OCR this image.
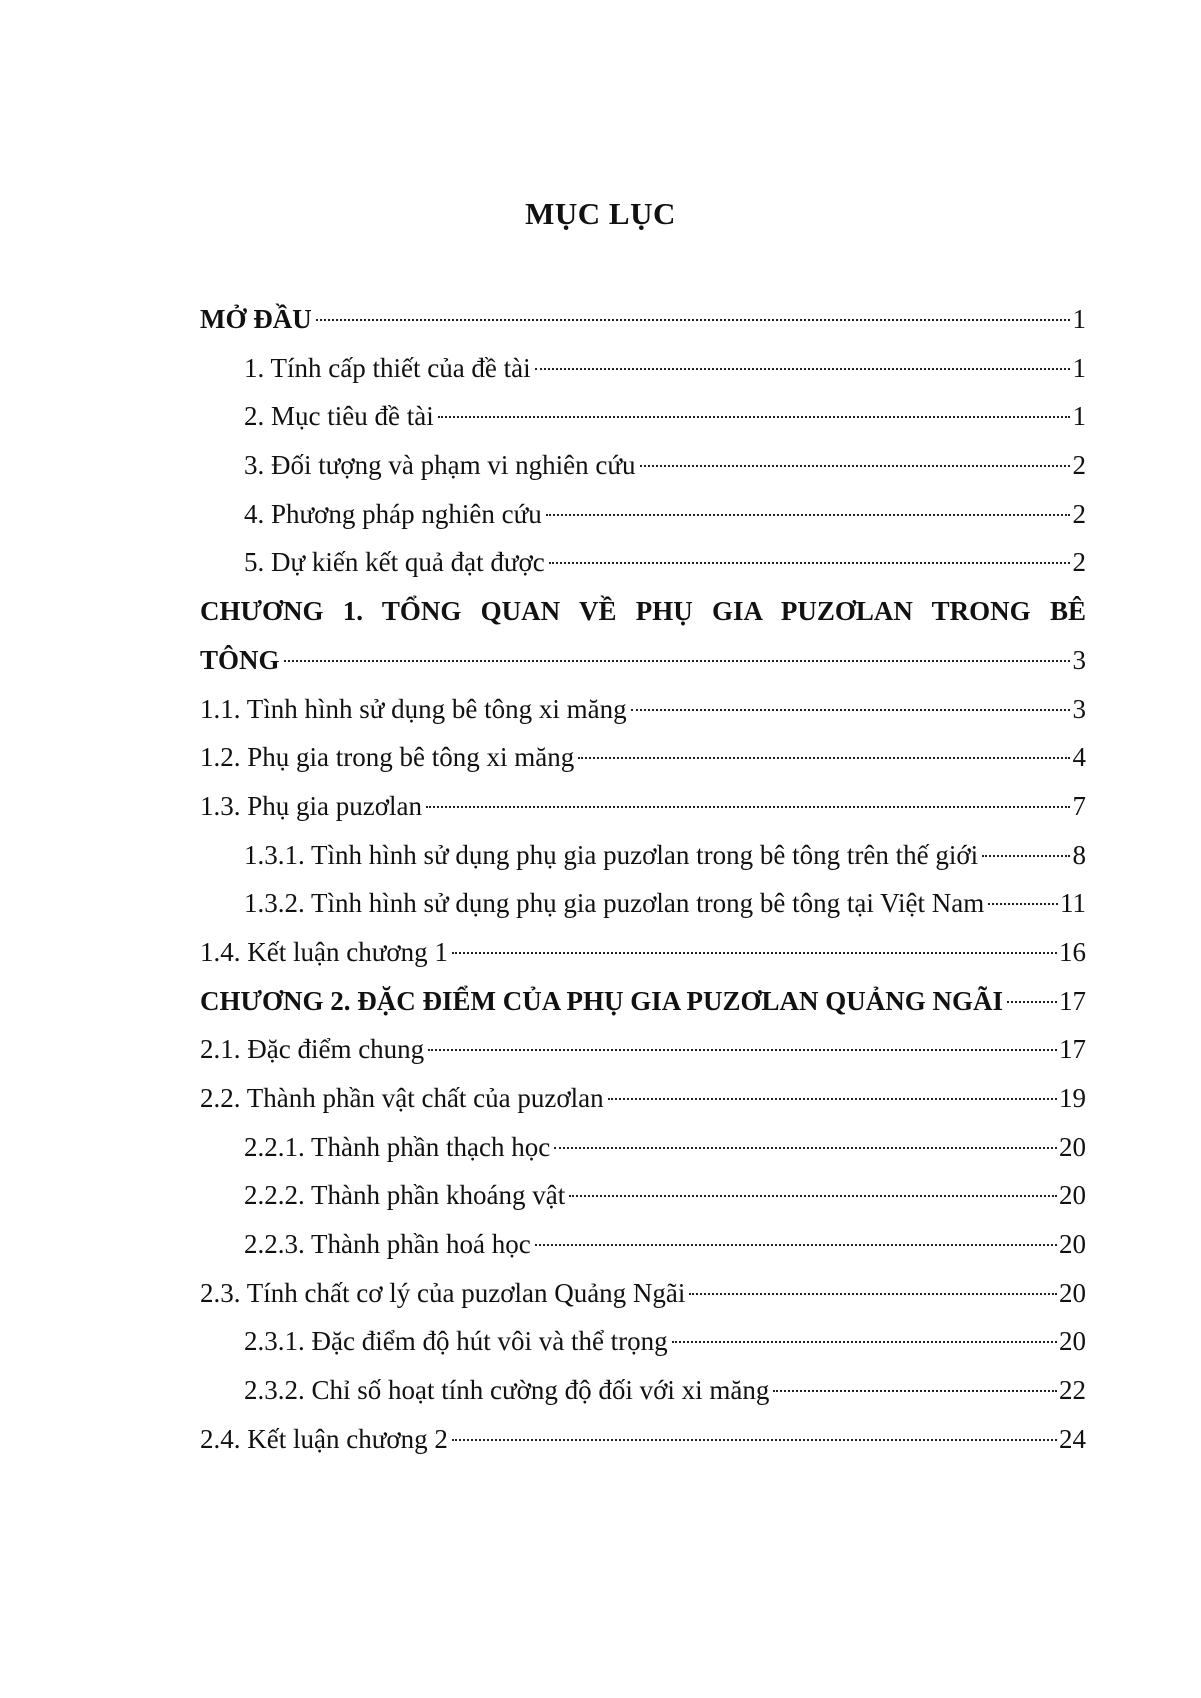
MỤC LỤC
MỞ ĐẦU	1
1. Tính cấp thiết của đề tài	1
2. Mục tiêu đề tài	1
3. Đối tượng và phạm vi nghiên cứu	2
4. Phương pháp nghiên cứu	2
5. Dự kiến kết quả đạt được	2
CHƯƠNG 1. TỔNG QUAN VỀ PHỤ GIA PUZƠLAN TRONG BÊ
TÔNG	3
1.1. Tình hình sử dụng bê tông xi măng	3
1.2. Phụ gia trong bê tông xi măng	4
1.3. Phụ gia puzơlan	7
1.3.1. Tình hình sử dụng phụ gia puzơlan trong bê tông trên thế giới	8
1.3.2. Tình hình sử dụng phụ gia puzơlan trong bê tông tại Việt Nam	11
1.4. Kết luận chương 1	16
CHƯƠNG 2. ĐẶC ĐIỂM CỦA PHỤ GIA PUZƠLAN QUẢNG NGÃI 17
2.1. Đặc điểm chung	17
2.2. Thành phần vật chất của puzơlan	19
2.2.1. Thành phần thạch học	20
2.2.2. Thành phần khoáng vật	20
2.2.3. Thành phần hoá học	20
2.3. Tính chất cơ lý của puzơlan Quảng Ngãi	20
2.3.1. Đặc điểm độ hút vôi và thể trọng	20
2.3.2. Chỉ số hoạt tính cường độ đối với xi măng	22
2.4. Kết luận chương 2	24
